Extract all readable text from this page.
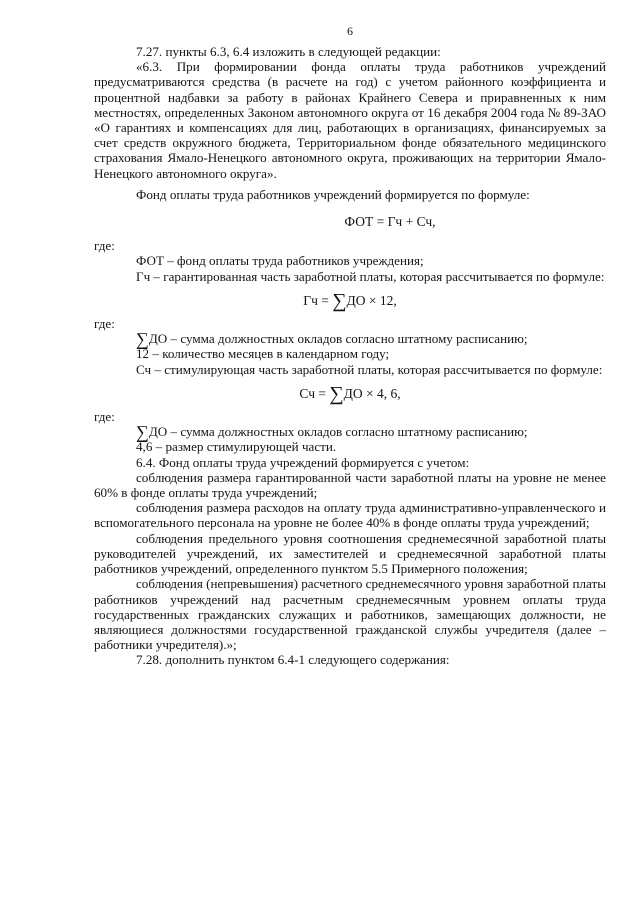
6

7.27. пункты 6.3, 6.4 изложить в следующей редакции:

«6.3. При формировании фонда оплаты труда работников учреждений предусматриваются средства (в расчете на год) с учетом районного коэффициента и процентной надбавки за работу в районах Крайнего Севера и приравненных к ним местностях, определенных Законом автономного округа от 16 декабря 2004 года № 89-ЗАО «О гарантиях и компенсациях для лиц, работающих в организациях, финансируемых за счет средств окружного бюджета, Территориальном фонде обязательного медицинского страхования Ямало-Ненецкого автономного округа, проживающих на территории Ямало-Ненецкого автономного округа».

Фонд оплаты труда работников учреждений формируется по формуле:

ФОТ = Гч + Сч,

где:

ФОТ – фонд оплаты труда работников учреждения;

Гч – гарантированная часть заработной платы, которая рассчитывается по формуле:

Гч = ∑ДО × 12,

где:

∑ДО – сумма должностных окладов согласно штатному расписанию;

12 – количество месяцев в календарном году;

Сч – стимулирующая часть заработной платы, которая рассчитывается по формуле:

Сч = ∑ДО × 4, 6,

где:

∑ДО – сумма должностных окладов согласно штатному расписанию;

4,6 – размер стимулирующей части.

6.4. Фонд оплаты труда учреждений формируется с учетом:

соблюдения размера гарантированной части заработной платы на уровне не менее 60% в фонде оплаты труда учреждений;

соблюдения размера расходов на оплату труда административно-управленческого и вспомогательного персонала на уровне не более 40% в фонде оплаты труда учреждений;

соблюдения предельного уровня соотношения среднемесячной заработной платы руководителей учреждений, их заместителей и среднемесячной заработной платы работников учреждений, определенного пунктом 5.5 Примерного положения;

соблюдения (непревышения) расчетного среднемесячного уровня заработной платы работников учреждений над расчетным среднемесячным уровнем оплаты труда государственных гражданских служащих и работников, замещающих должности, не являющиеся должностями государственной гражданской службы учредителя (далее – работники учредителя).»;

7.28. дополнить пунктом 6.4-1 следующего содержания:
